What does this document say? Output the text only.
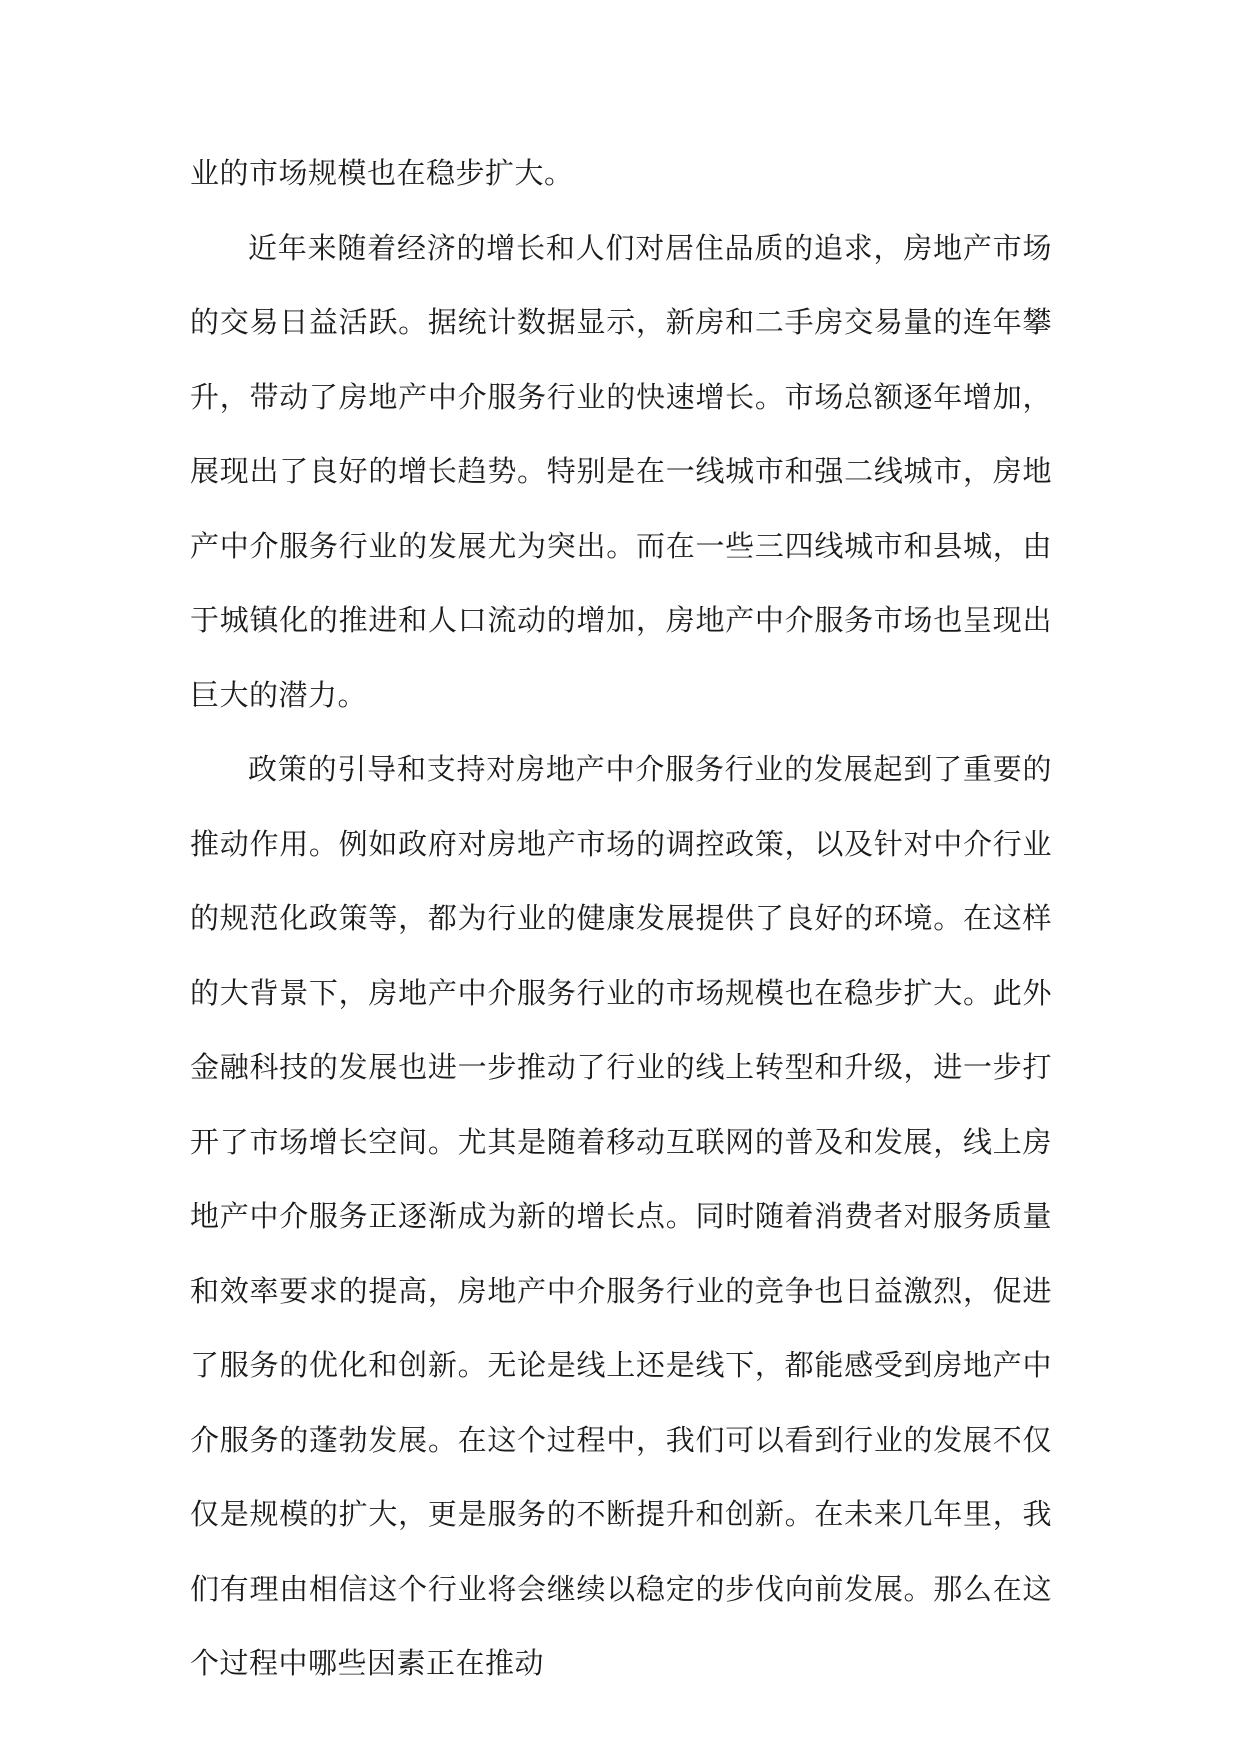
业的市场规模也在稳步扩大。

近年来随着经济的增长和人们对居住品质的追求，房地产市场的交易日益活跃。据统计数据显示，新房和二手房交易量的连年攀升，带动了房地产中介服务行业的快速增长。市场总额逐年增加，展现出了良好的增长趋势。特别是在一线城市和强二线城市，房地产中介服务行业的发展尤为突出。而在一些三四线城市和县城，由于城镇化的推进和人口流动的增加，房地产中介服务市场也呈现出巨大的潜力。

政策的引导和支持对房地产中介服务行业的发展起到了重要的推动作用。例如政府对房地产市场的调控政策，以及针对中介行业的规范化政策等，都为行业的健康发展提供了良好的环境。在这样的大背景下，房地产中介服务行业的市场规模也在稳步扩大。此外金融科技的发展也进一步推动了行业的线上转型和升级，进一步打开了市场增长空间。尤其是随着移动互联网的普及和发展，线上房地产中介服务正逐渐成为新的增长点。同时随着消费者对服务质量和效率要求的提高，房地产中介服务行业的竞争也日益激烈，促进了服务的优化和创新。无论是线上还是线下，都能感受到房地产中介服务的蓬勃发展。在这个过程中，我们可以看到行业的发展不仅仅是规模的扩大，更是服务的不断提升和创新。在未来几年里，我们有理由相信这个行业将会继续以稳定的步伐向前发展。那么在这个过程中哪些因素正在推动
